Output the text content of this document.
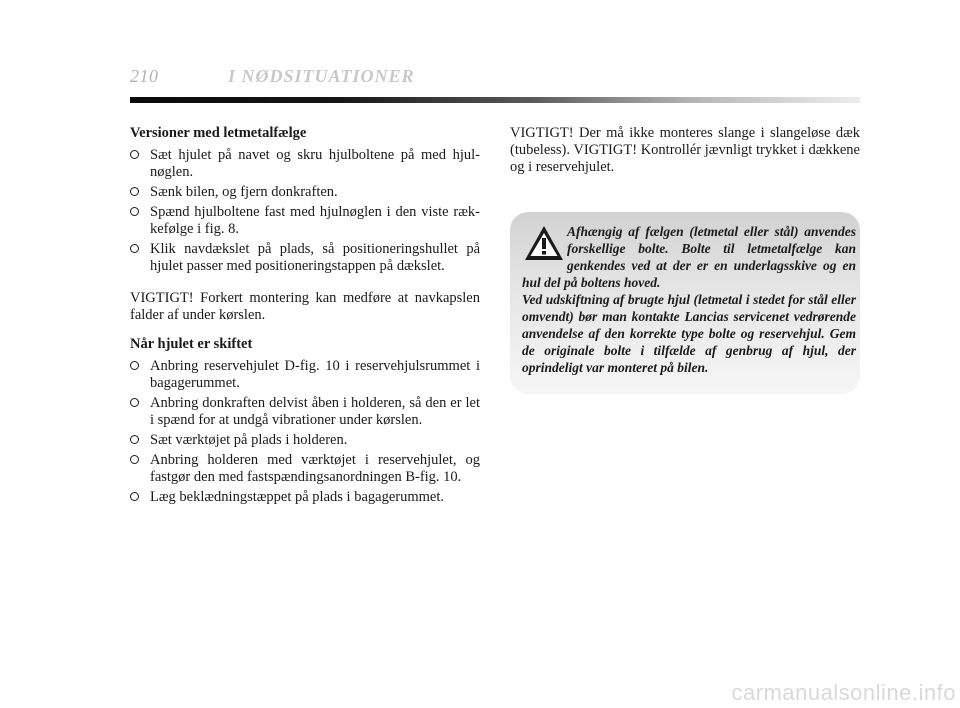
210	I NØDSITUATIONER
Versioner med letmetalfælge
Sæt hjulet på navet og skru hjulboltene på med hjulnøglen.
Sænk bilen, og fjern donkraften.
Spænd hjulboltene fast med hjulnøglen i den viste rækkefølge i fig. 8.
Klik navdækslet på plads, så positioneringshullet på hjulet passer med positioneringstappen på dækslet.

VIGTIGT! Forkert montering kan medføre at navkapslen falder af under kørslen.

Når hjulet er skiftet
Anbring reservehjulet D-fig. 10 i reservehjulsrummet i bagagerummet.
Anbring donkraften delvist åben i holderen, så den er let i spænd for at undgå vibrationer under kørslen.
Sæt værktøjet på plads i holderen.
Anbring holderen med værktøjet i reservehjulet, og fastgør den med fastspændingsanordningen B-fig. 10.
Læg beklædningstæppet på plads i bagagerummet.

VIGTIGT! Der må ikke monteres slange i slangeløse dæk (tubeless). VIGTIGT! Kontrollér jævnligt trykket i dækkene og i reservehjulet.

Afhængig af fælgen (letmetal eller stål) anvendes forskellige bolte. Bolte til letmetalfælge kan genkendes ved at der er en underlagsskive og en hul del på boltens hoved.

Ved udskiftning af brugte hjul (letmetal i stedet for stål eller omvendt) bør man kontakte Lancias servicenet vedrørende anvendelse af den korrekte type bolte og reservehjul. Gem de originale bolte i tilfælde af genbrug af hjul, der oprindeligt var monteret på bilen.

carmanualsonline.info
